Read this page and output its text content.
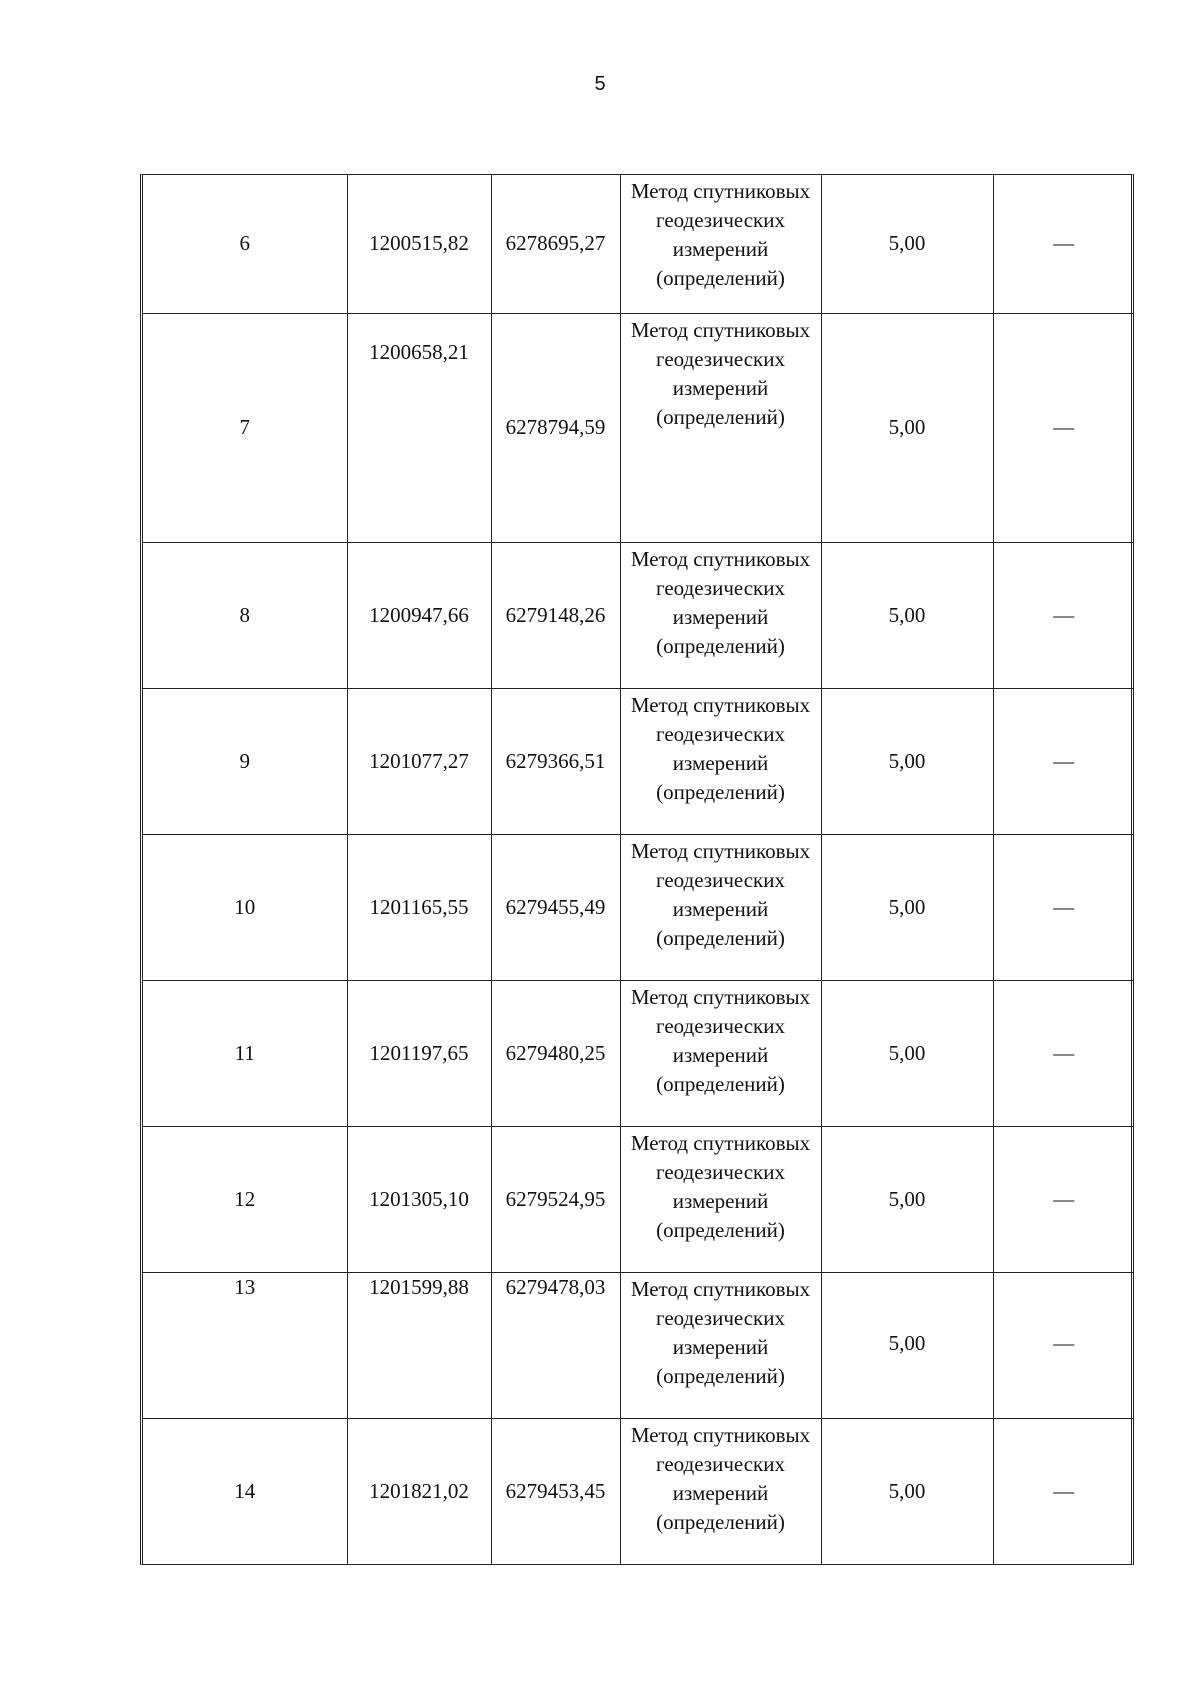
5
6	1200515,82	6278695,27	Метод спутниковых
геодезических
измерений
(определений)	5,00	—
7	1200658,21	6278794,59	Метод спутниковых
геодезических
измерений
(определений)	5,00	—
8	1200947,66	6279148,26	Метод спутниковых
геодезических
измерений
(определений)	5,00	—
9	1201077,27	6279366,51	Метод спутниковых
геодезических
измерений
(определений)	5,00	—
10	1201165,55	6279455,49	Метод спутниковых
геодезических
измерений
(определений)	5,00	—
11	1201197,65	6279480,25	Метод спутниковых
геодезических
измерений
(определений)	5,00	—
12	1201305,10	6279524,95	Метод спутниковых
геодезических
измерений
(определений)	5,00	—
13	1201599,88	6279478,03	Метод спутниковых
геодезических
измерений
(определений)	5,00	—

14	1201821,02	6279453,45	Метод спутниковых
геодезических
измерений
(определений)	5,00	—
